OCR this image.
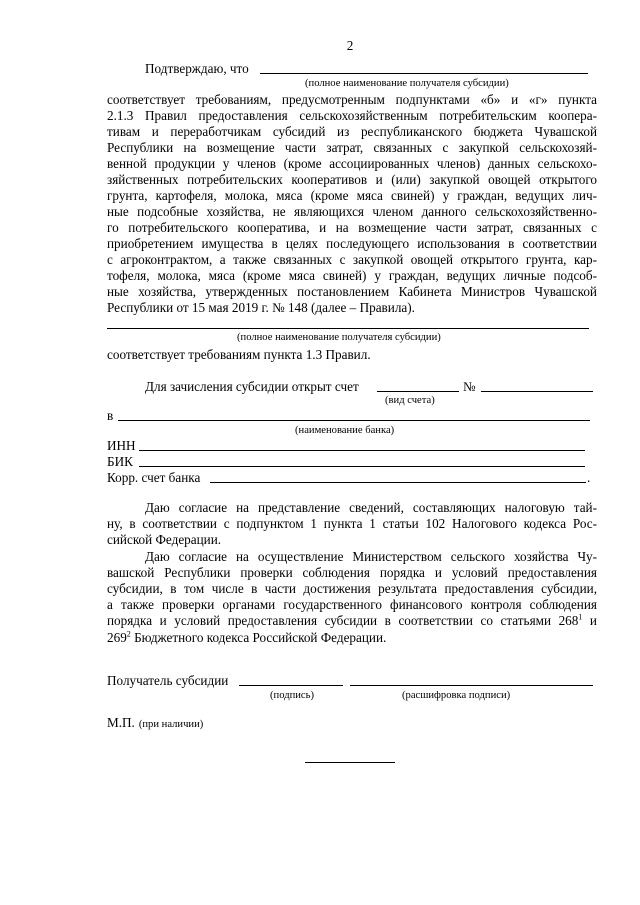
2
Подтверждаю, что
(полное наименование получателя субсидии)
соответствует требованиям, предусмотренным подпунктами «б» и «г» пункта
2.1.3 Правил предоставления сельскохозяйственным потребительским коопера-
тивам и переработчикам субсидий из республиканского бюджета Чувашской
Республики на возмещение части затрат, связанных с закупкой сельскохозяй-
венной продукции у членов (кроме ассоциированных членов) данных сельскохо-
зяйственных потребительских кооперативов и (или) закупкой овощей открытого
грунта, картофеля, молока, мяса (кроме мяса свиней) у граждан, ведущих лич-
ные подсобные хозяйства, не являющихся членом данного сельскохозяйственно-
го потребительского кооператива, и на возмещение части затрат, связанных с
приобретением имущества в целях последующего использования в соответствии
с агроконтрактом, а также связанных с закупкой овощей открытого грунта, кар-
тофеля, молока, мяса (кроме мяса свиней) у граждан, ведущих личные подсоб-
ные хозяйства, утвержденных постановлением Кабинета Министров Чувашской
Республики от 15 мая 2019 г. № 148 (далее – Правила).
(полное наименование получателя субсидии)
соответствует требованиям пункта 1.3 Правил.
Для зачисления субсидии открыт счет	№
(вид счета)
в
(наименование банка)
ИНН
БИК
Корр. счет банка	.
Даю согласие на представление сведений, составляющих налоговую тай-
ну, в соответствии с подпунктом 1 пункта 1 статьи 102 Налогового кодекса Рос-
сийской Федерации.
Даю согласие на осуществление Министерством сельского хозяйства Чу-
вашской Республики проверки соблюдения порядка и условий предоставления
субсидии, в том числе в части достижения результата предоставления субсидии,
а также проверки органами государственного финансового контроля соблюдения
порядка и условий предоставления субсидии в соответствии со статьями $268^1$ и
$269^2$ Бюджетного кодекса Российской Федерации.
Получатель субсидии
(подпись)	(расшифровка подписи)
М.П. (при наличии)
